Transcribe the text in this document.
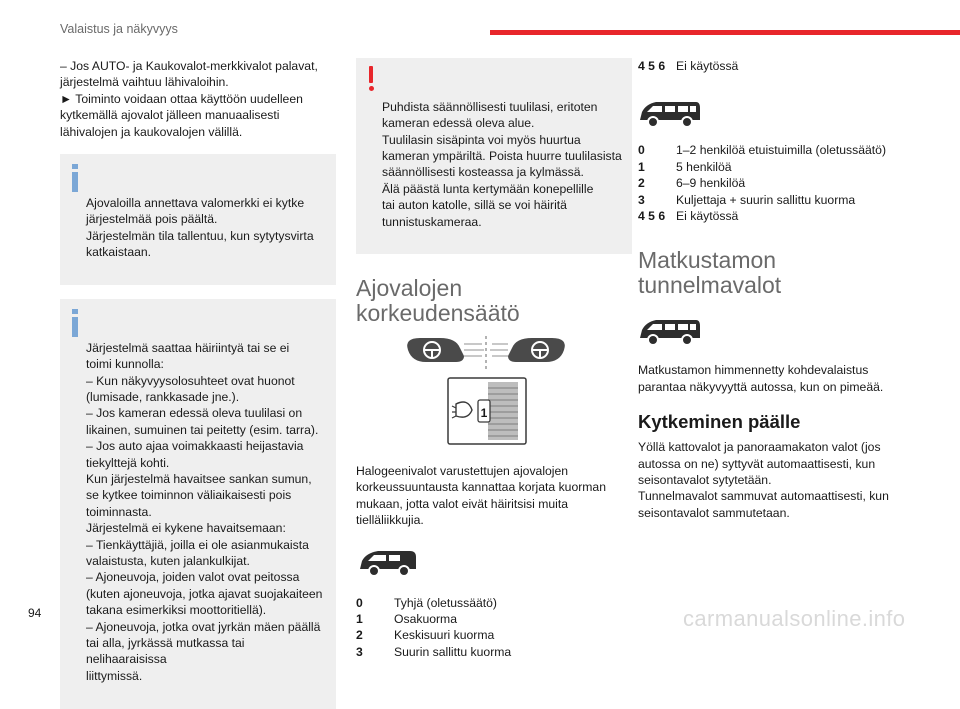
Valaistus ja näkyvyys
– Jos AUTO- ja Kaukovalot-merkkivalot palavat,
järjestelmä vaihtuu lähivaloihin.
► Toiminto voidaan ottaa käyttöön uudelleen
kytkemällä ajovalot jälleen manuaalisesti
lähivalojen ja kaukovalojen välillä.

Ajovaloilla annettava valomerkki ei kytke
järjestelmää pois päältä.
Järjestelmän tila tallentuu, kun sytytysvirta
katkaistaan.

Järjestelmä saattaa häiriintyä tai se ei
toimi kunnolla:
– Kun näkyvyysolosuhteet ovat huonot
(lumisade, rankkasade jne.).
– Jos kameran edessä oleva tuulilasi on
likainen, sumuinen tai peitetty (esim. tarra).
– Jos auto ajaa voimakkaasti heijastavia
tiekylttejä kohti.
Kun järjestelmä havaitsee sankan sumun,
se kytkee toiminnon väliaikaisesti pois
toiminnasta.
Järjestelmä ei kykene havaitsemaan:
– Tienkäyttäjiä, joilla ei ole asianmukaista
valaistusta, kuten jalankulkijat.
– Ajoneuvoja, joiden valot ovat peitossa
(kuten ajoneuvoja, jotka ajavat suojakaiteen
takana esimerkiksi moottoritiellä).
– Ajoneuvoja, jotka ovat jyrkän mäen päällä
tai alla, jyrkässä mutkassa tai nelihaaraisissa
liittymissä.

Puhdista säännöllisesti tuulilasi, eritoten
kameran edessä oleva alue.
Tuulilasin sisäpinta voi myös huurtua
kameran ympäriltä. Poista huurre tuulilasista
säännöllisesti kosteassa ja kylmässä.
Älä päästä lunta kertymään konepellille
tai auton katolle, sillä se voi häiritä
tunnistuskameraa.

Ajovalojen
korkeudensäätö
1
Halogeenivalot varustettujen ajovalojen
korkeussuuntausta kannattaa korjata kuorman
mukaan, jotta valot eivät häiritsisi muita
tielläliikkujia.
0	Tyhjä (oletussäätö)
1	Osakuorma
2	Keskisuuri kuorma
3	Suurin sallittu kuorma
4 5 6 Ei käytössä
0	1–2 henkilöä etuistuimilla (oletussäätö)
1	5 henkilöä
2	6–9 henkilöä
3	Kuljettaja + suurin sallittu kuorma
4 5 6 Ei käytössä
Matkustamon
tunnelmavalot
Matkustamon himmennetty kohdevalaistus
parantaa näkyvyyttä autossa, kun on pimeää.
Kytkeminen päälle
Yöllä kattovalot ja panoraamakaton valot (jos
autossa on ne) syttyvät automaattisesti, kun
seisontavalot sytytetään.
Tunnelmavalot sammuvat automaattisesti, kun
seisontavalot sammutetaan.
94	carmanualsonline.info
